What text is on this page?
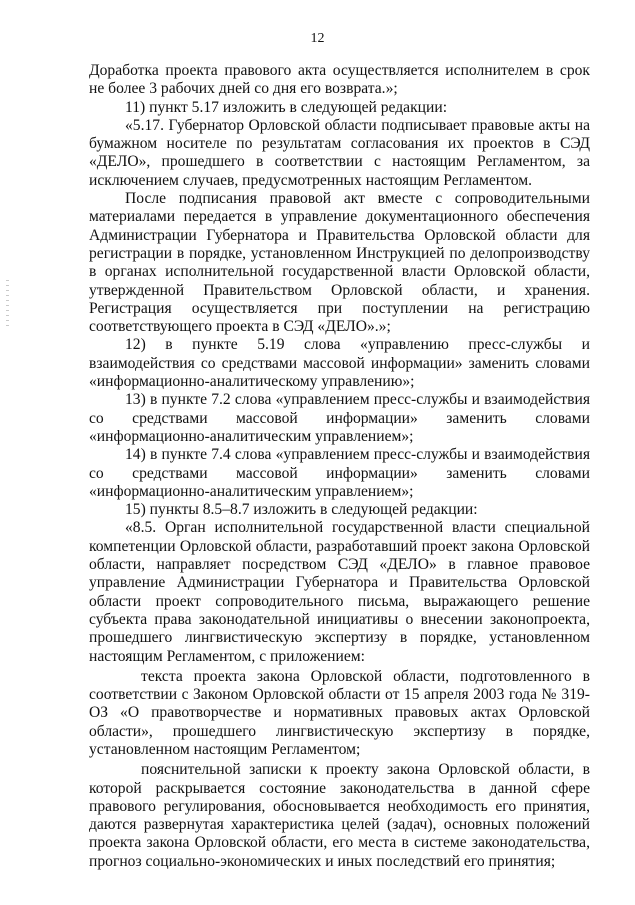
12

Доработка проекта правового акта осуществляется исполнителем в срок не более 3 рабочих дней со дня его возврата.»;

11) пункт 5.17 изложить в следующей редакции:

«5.17. Губернатор Орловской области подписывает правовые акты на бумажном носителе по результатам согласования их проектов в СЭД «ДЕЛО», прошедшего в соответствии с настоящим Регламентом, за исключением случаев, предусмотренных настоящим Регламентом.

После подписания правовой акт вместе с сопроводительными материалами передается в управление документационного обеспечения Администрации Губернатора и Правительства Орловской области для регистрации в порядке, установленном Инструкцией по делопроизводству в органах исполнительной государственной власти Орловской области, утвержденной Правительством Орловской области, и хранения. Регистрация осуществляется при поступлении на регистрацию соответствующего проекта в СЭД «ДЕЛО».»;

12) в пункте 5.19 слова «управлению пресс-службы и взаимодействия со средствами массовой информации» заменить словами «информационно-аналитическому управлению»;

13) в пункте 7.2 слова «управлением пресс-службы и взаимодействия со средствами массовой информации» заменить словами «информационно-аналитическим управлением»;

14) в пункте 7.4 слова «управлением пресс-службы и взаимодействия со средствами массовой информации» заменить словами «информационно-аналитическим управлением»;

15) пункты 8.5–8.7 изложить в следующей редакции:

«8.5. Орган исполнительной государственной власти специальной компетенции Орловской области, разработавший проект закона Орловской области, направляет посредством СЭД «ДЕЛО» в главное правовое управление Администрации Губернатора и Правительства Орловской области проект сопроводительного письма, выражающего решение субъекта права законодательной инициативы о внесении законопроекта, прошедшего лингвистическую экспертизу в порядке, установленном настоящим Регламентом, с приложением:

текста проекта закона Орловской области, подготовленного в соответствии с Законом Орловской области от 15 апреля 2003 года № 319-ОЗ «О правотворчестве и нормативных правовых актах Орловской области», прошедшего лингвистическую экспертизу в порядке, установленном настоящим Регламентом;

пояснительной записки к проекту закона Орловской области, в которой раскрывается состояние законодательства в данной сфере правового регулирования, обосновывается необходимость его принятия, даются развернутая характеристика целей (задач), основных положений проекта закона Орловской области, его места в системе законодательства, прогноз социально-экономических и иных последствий его принятия;
